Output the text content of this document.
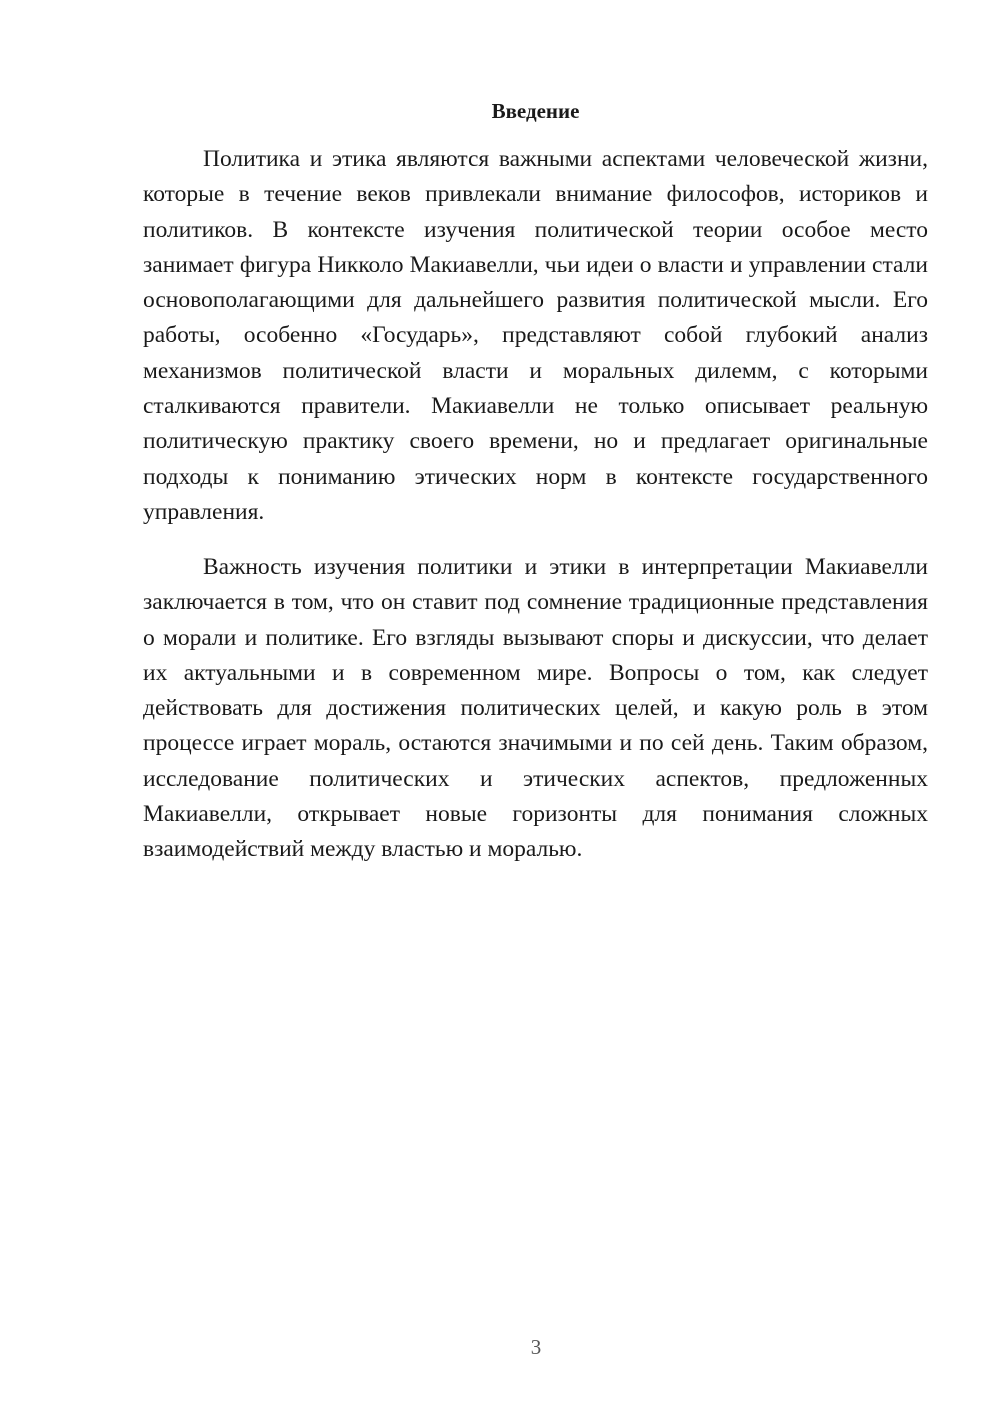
Введение

Политика и этика являются важными аспектами человеческой жизни, которые в течение веков привлекали внимание философов, историков и политиков. В контексте изучения политической теории особое место занимает фигура Никколо Макиавелли, чьи идеи о власти и управлении стали основополагающими для дальнейшего развития политической мысли. Его работы, особенно «Государь», представляют собой глубокий анализ механизмов политической власти и моральных дилемм, с которыми сталкиваются правители. Макиавелли не только описывает реальную политическую практику своего времени, но и предлагает оригинальные подходы к пониманию этических норм в контексте государственного управления.

Важность изучения политики и этики в интерпретации Макиавелли заключается в том, что он ставит под сомнение традиционные представления о морали и политике. Его взгляды вызывают споры и дискуссии, что делает их актуальными и в современном мире. Вопросы о том, как следует действовать для достижения политических целей, и какую роль в этом процессе играет мораль, остаются значимыми и по сей день. Таким образом, исследование политических и этических аспектов, предложенных Макиавелли, открывает новые горизонты для понимания сложных взаимодействий между властью и моралью.

3
